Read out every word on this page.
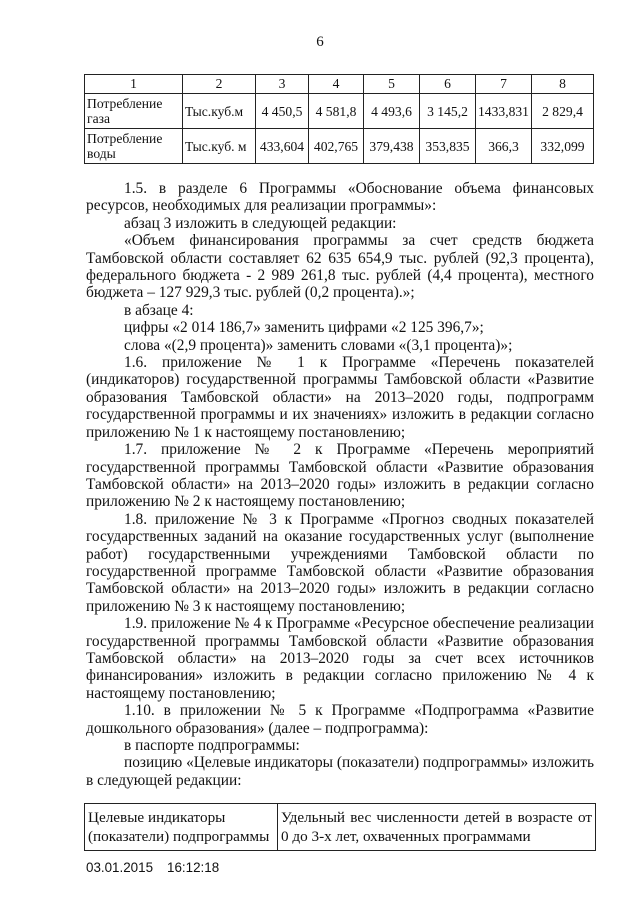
6
1	2	3	4	5	6	7	8
Потребление газа	Тыс.куб.м	4 450,5	4 581,8	4 493,6	3 145,2	1433,831	2 829,4
Потребление воды	Тыс.куб. м	433,604	402,765	379,438	353,835	366,3	332,099

1.5. в разделе 6 Программы «Обоснование объема финансовых ресурсов, необходимых для реализации программы»:

абзац 3 изложить в следующей редакции:

«Объем финансирования программы за счет средств бюджета Тамбовской области составляет 62 635 654,9 тыс. рублей (92,3 процента), федерального бюджета - 2 989 261,8 тыс. рублей (4,4 процента), местного бюджета – 127 929,3 тыс. рублей (0,2 процента).»;

в абзаце 4:

цифры «2 014 186,7» заменить цифрами «2 125 396,7»;

слова «(2,9 процента)» заменить словами «(3,1 процента)»;

1.6. приложение № 1 к Программе «Перечень показателей (индикаторов) государственной программы Тамбовской области «Развитие образования Тамбовской области» на 2013–2020 годы, подпрограмм государственной программы и их значениях» изложить в редакции согласно приложению № 1 к настоящему постановлению;

1.7. приложение № 2 к Программе «Перечень мероприятий государственной программы Тамбовской области «Развитие образования Тамбовской области» на 2013–2020 годы» изложить в редакции согласно приложению № 2 к настоящему постановлению;

1.8. приложение № 3 к Программе «Прогноз сводных показателей государственных заданий на оказание государственных услуг (выполнение работ) государственными учреждениями Тамбовской области по государственной программе Тамбовской области «Развитие образования Тамбовской области» на 2013–2020 годы» изложить в редакции согласно приложению № 3 к настоящему постановлению;

1.9. приложение № 4 к Программе «Ресурсное обеспечение реализации государственной программы Тамбовской области «Развитие образования Тамбовской области» на 2013–2020 годы за счет всех источников финансирования» изложить в редакции согласно приложению № 4 к настоящему постановлению;

1.10. в приложении № 5 к Программе «Подпрограмма «Развитие дошкольного образования» (далее – подпрограмма):

в паспорте подпрограммы:

позицию «Целевые индикаторы (показатели) подпрограммы» изложить в следующей редакции:

Целевые индикаторы (показатели) подпрограммы	Удельный вес численности детей в возрасте от 0 до 3-х лет, охваченных программами
03.01.2015 16:12:18
